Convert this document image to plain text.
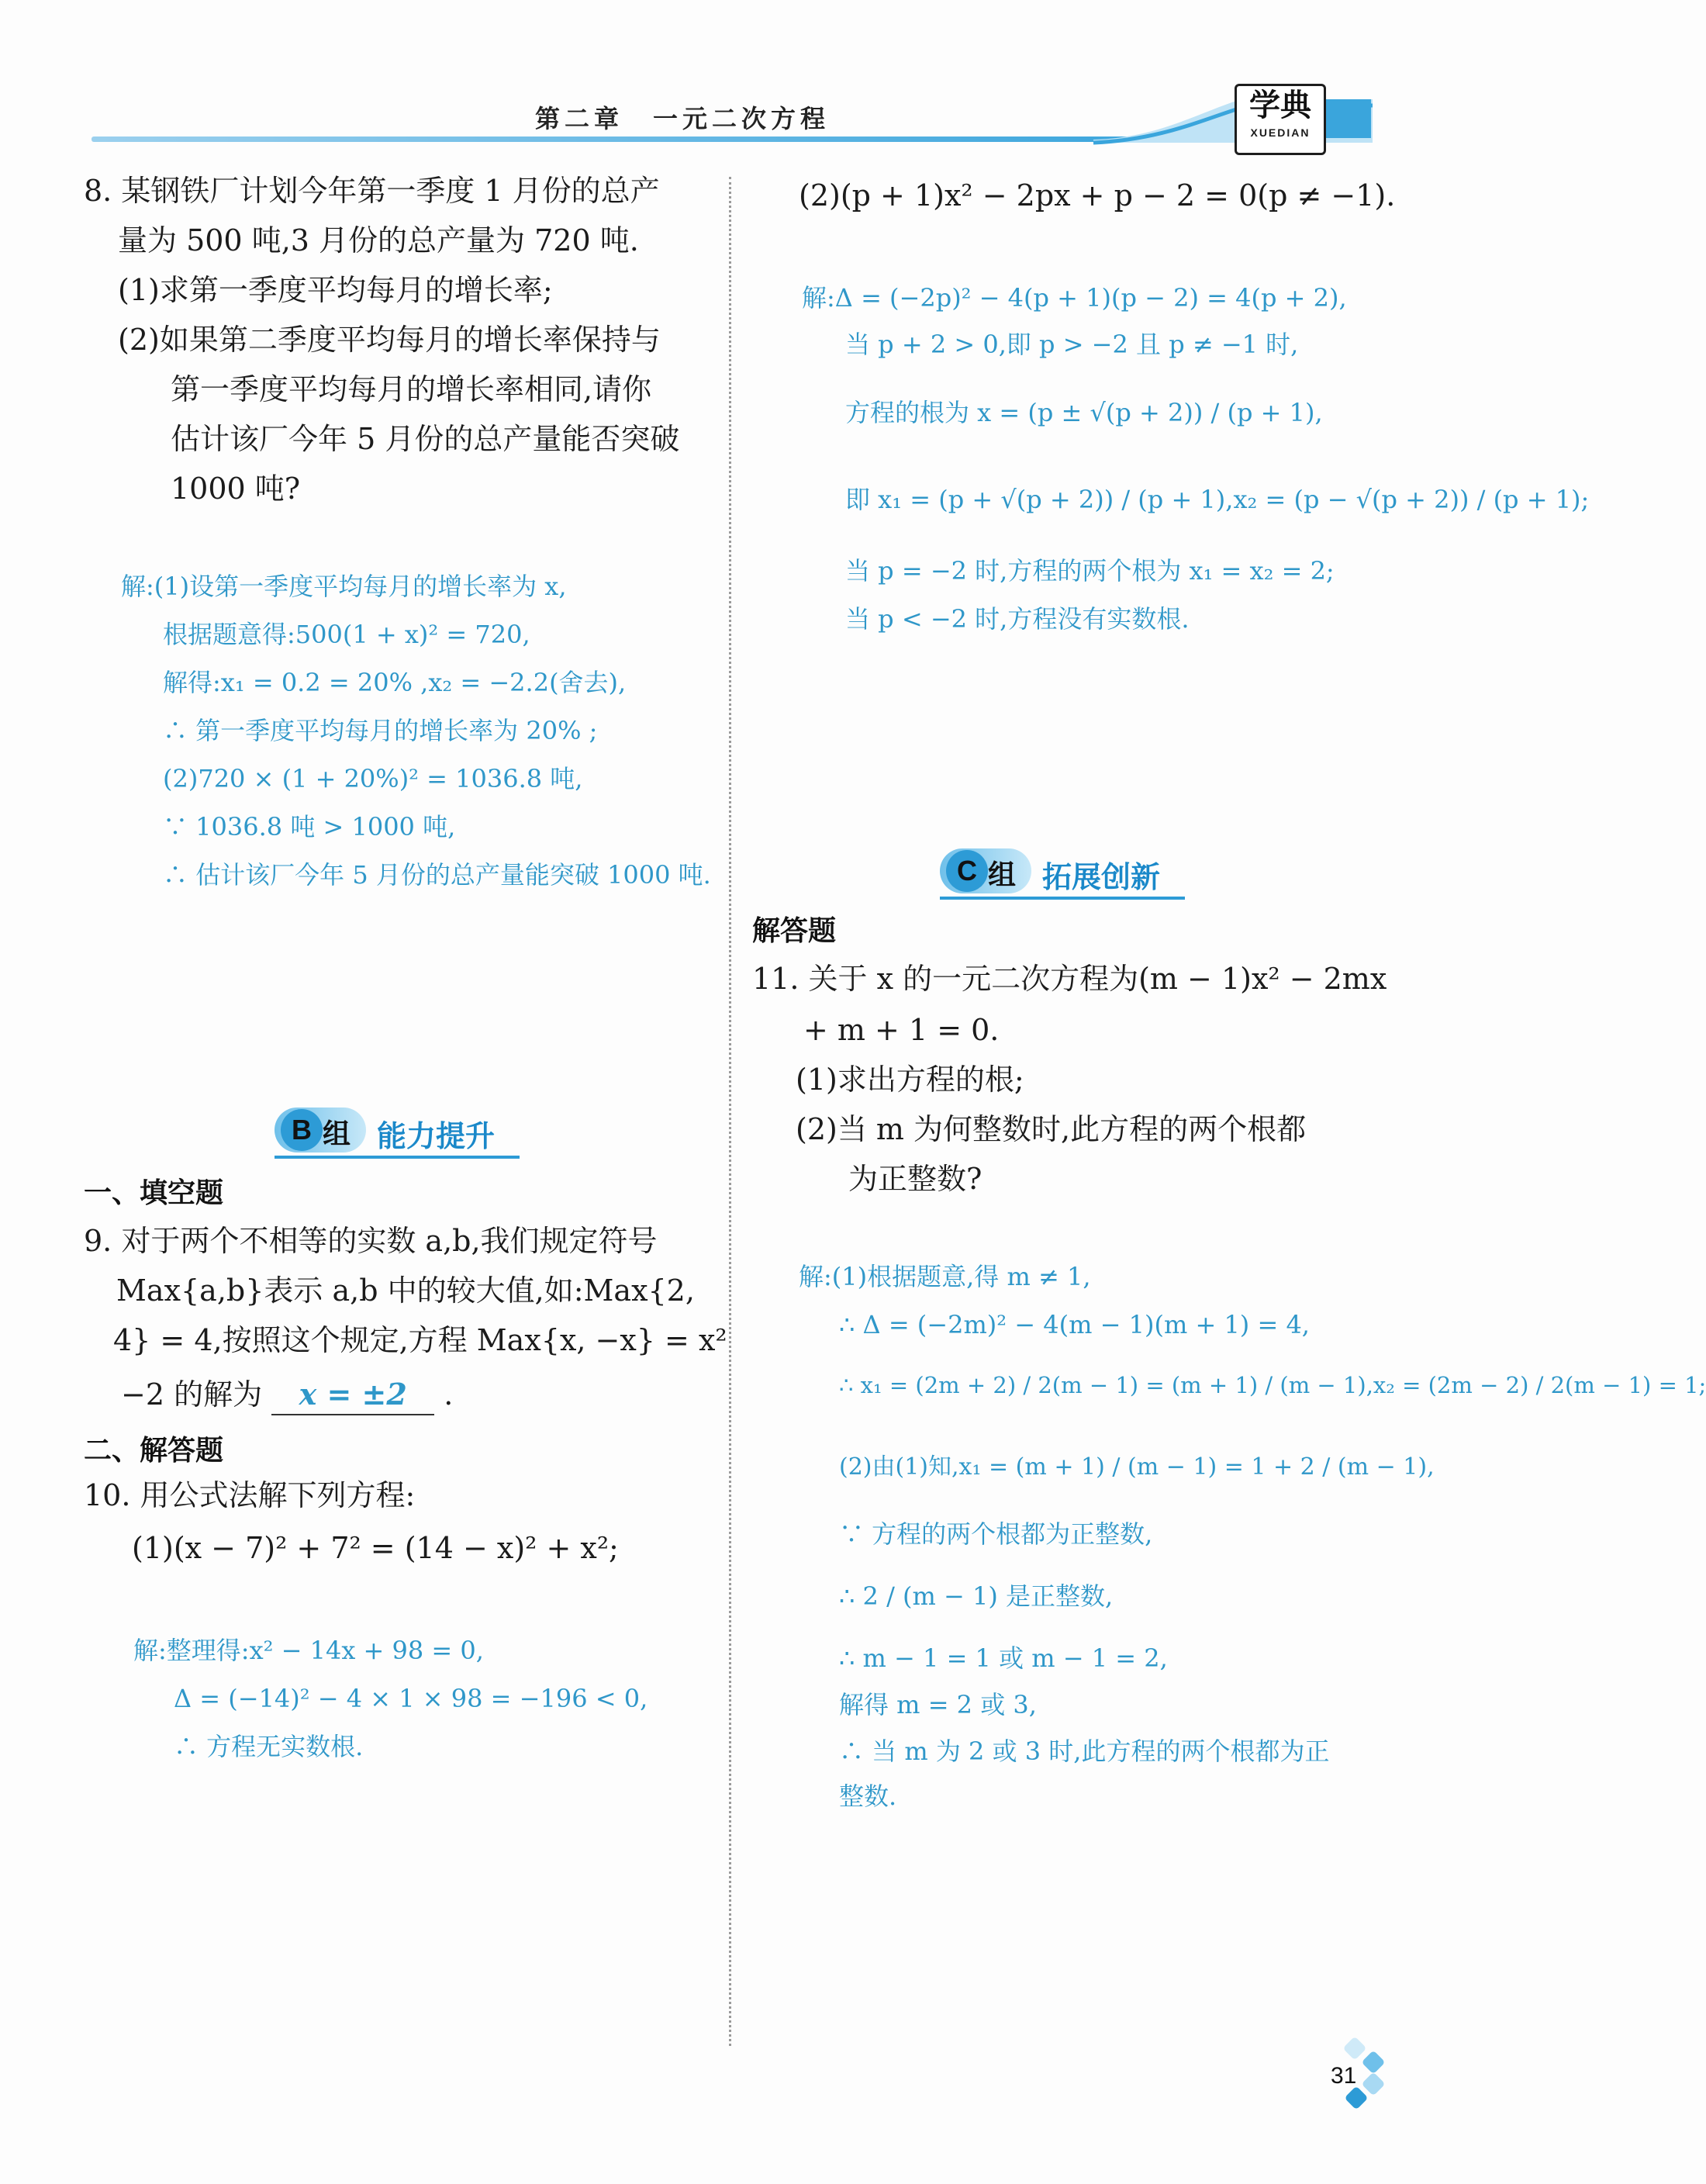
第二章　一元二次方程	学典
XUEDIAN
8. 某钢铁厂计划今年第一季度 1 月份的总产
量为 500 吨,3 月份的总产量为 720 吨.
(1)求第一季度平均每月的增长率;
(2)如果第二季度平均每月的增长率保持与
第一季度平均每月的增长率相同,请你
估计该厂今年 5 月份的总产量能否突破
1000 吨?
解:(1)设第一季度平均每月的增长率为 x,
根据题意得:500(1 + x)² = 720,
解得:x₁ = 0.2 = 20% ,x₂ = −2.2(舍去),
∴ 第一季度平均每月的增长率为 20% ;
(2)720 × (1 + 20%)² = 1036.8 吨,
∵ 1036.8 吨 > 1000 吨,
∴ 估计该厂今年 5 月份的总产量能突破 1000 吨.
B 组 能力提升
一、填空题
9. 对于两个不相等的实数 a,b,我们规定符号
Max{a,b}表示 a,b 中的较大值,如:Max{2,
4} = 4,按照这个规定,方程 Max{x, −x} = x²
−2 的解为 x = ±2 .
二、解答题
10. 用公式法解下列方程:
(1)(x − 7)² + 7² = (14 − x)² + x²;
解:整理得:x² − 14x + 98 = 0,
Δ = (−14)² − 4 × 1 × 98 = −196 < 0,
∴ 方程无实数根.
(2)(p + 1)x² − 2px + p − 2 = 0(p ≠ −1).
解:Δ = (−2p)² − 4(p + 1)(p − 2) = 4(p + 2),
当 p + 2 > 0,即 p > −2 且 p ≠ −1 时,
方程的根为 x = (p ± √(p + 2)) / (p + 1),
即 x₁ = (p + √(p + 2)) / (p + 1),x₂ = (p − √(p + 2)) / (p + 1);
当 p = −2 时,方程的两个根为 x₁ = x₂ = 2;
当 p < −2 时,方程没有实数根.
C 组 拓展创新
解答题
11. 关于 x 的一元二次方程为(m − 1)x² − 2mx
+ m + 1 = 0.
(1)求出方程的根;
(2)当 m 为何整数时,此方程的两个根都
为正整数?
解:(1)根据题意,得 m ≠ 1,
∴ Δ = (−2m)² − 4(m − 1)(m + 1) = 4,
∴ x₁ = (2m + 2) / 2(m − 1) = (m + 1) / (m − 1),x₂ = (2m − 2) / 2(m − 1) = 1;
(2)由(1)知,x₁ = (m + 1) / (m − 1) = 1 + 2 / (m − 1),
∵ 方程的两个根都为正整数,
∴ 2 / (m − 1) 是正整数,
∴ m − 1 = 1 或 m − 1 = 2,
解得 m = 2 或 3,
∴ 当 m 为 2 或 3 时,此方程的两个根都为正
整数.
31
